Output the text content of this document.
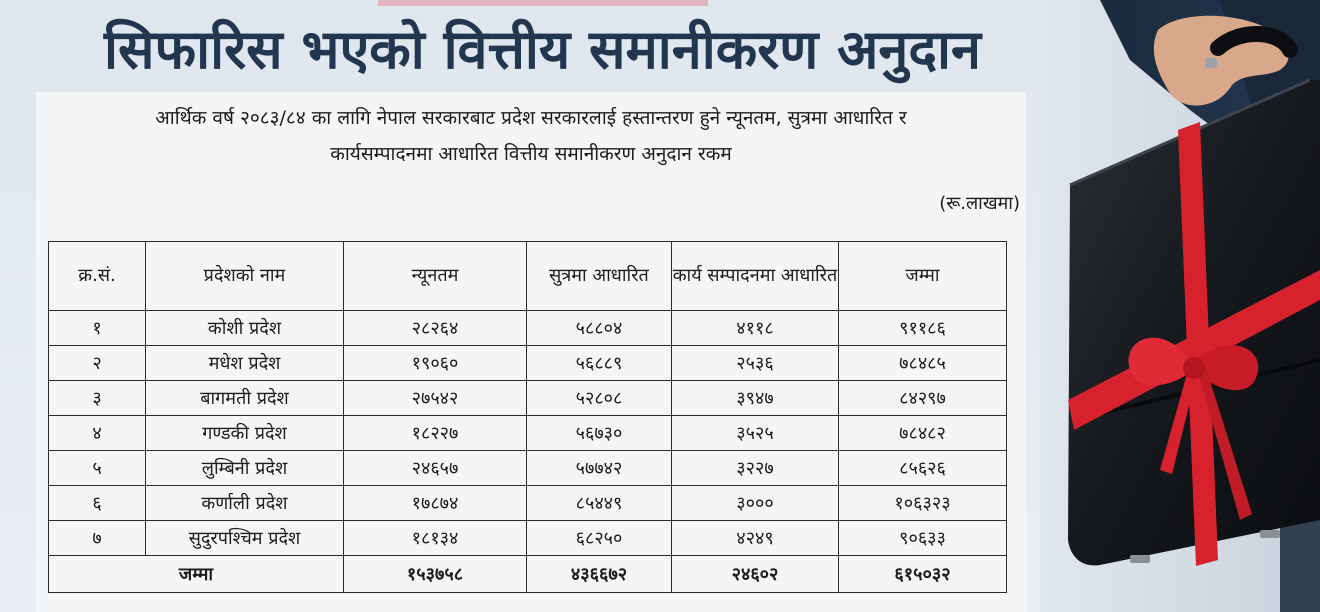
सिफारिस भएको वित्तीय समानीकरण अनुदान
आर्थिक वर्ष २०८३/८४ का लागि नेपाल सरकारबाट प्रदेश सरकारलाई हस्तान्तरण हुने न्यूनतम, सुत्रमा आधारित र
कार्यसम्पादनमा आधारित वित्तीय समानीकरण अनुदान रकम
(रू.लाखमा)
क्र.सं.	प्रदेशको नाम	न्यूनतम	सुत्रमा आधारित	कार्य सम्पादनमा आधारित	जम्मा
१	कोशी प्रदेश	२८२६४	५८८०४	४११८	९११८६
२	मधेश प्रदेश	१९०६०	५६८८९	२५३६	७८४८५
३	बागमती प्रदेश	२७५४२	५२८०८	३९४७	८४२९७
४	गण्डकी प्रदेश	१८२२७	५६७३०	३५२५	७८४८२
५	लुम्बिनी प्रदेश	२४६५७	५७७४२	३२२७	८५६२६
६	कर्णाली प्रदेश	१७८७४	८५४४९	३०००	१०६३२३
७	सुदुरपश्चिम प्रदेश	१८१३४	६८२५०	४२४९	९०६३३
जम्मा		१५३७५८	४३६६७२	२४६०२	६१५०३२
